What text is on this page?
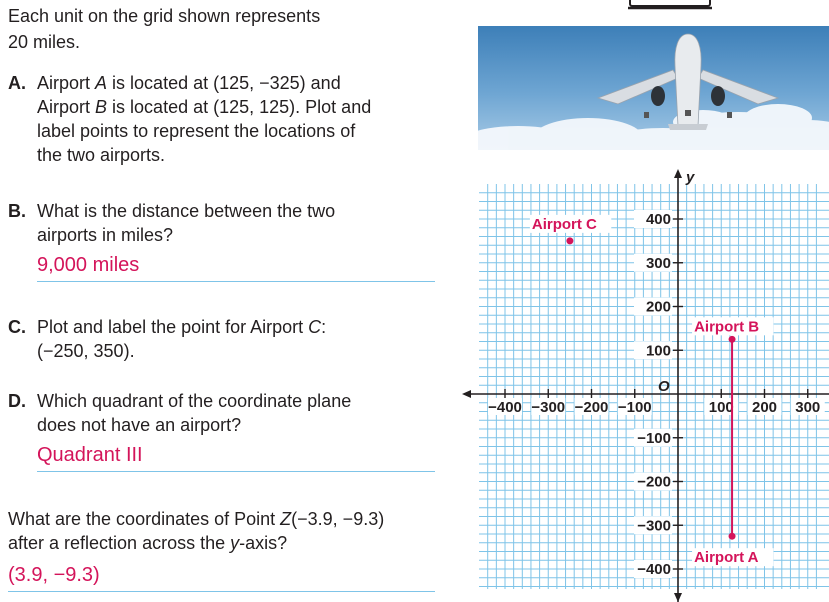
Each unit on the grid shown represents
20 miles.
A. Airport A is located at (125, −325) and
Airport B is located at (125, 125). Plot and
label points to represent the locations of
the two airports.
B. What is the distance between the two
airports in miles?
9,000 miles
C. Plot and label the point for Airport C:
(−250, 350).
D. Which quadrant of the coordinate plane
does not have an airport?
Quadrant III
What are the coordinates of Point Z(−3.9, −9.3)
after a reflection across the y-axis?
(3.9, −9.3)
y
O
−400 −300 −200 −100	100 200 300
400
300
200
100
−100
−200
−300
−400
Airport A
Airport B
Airport C
